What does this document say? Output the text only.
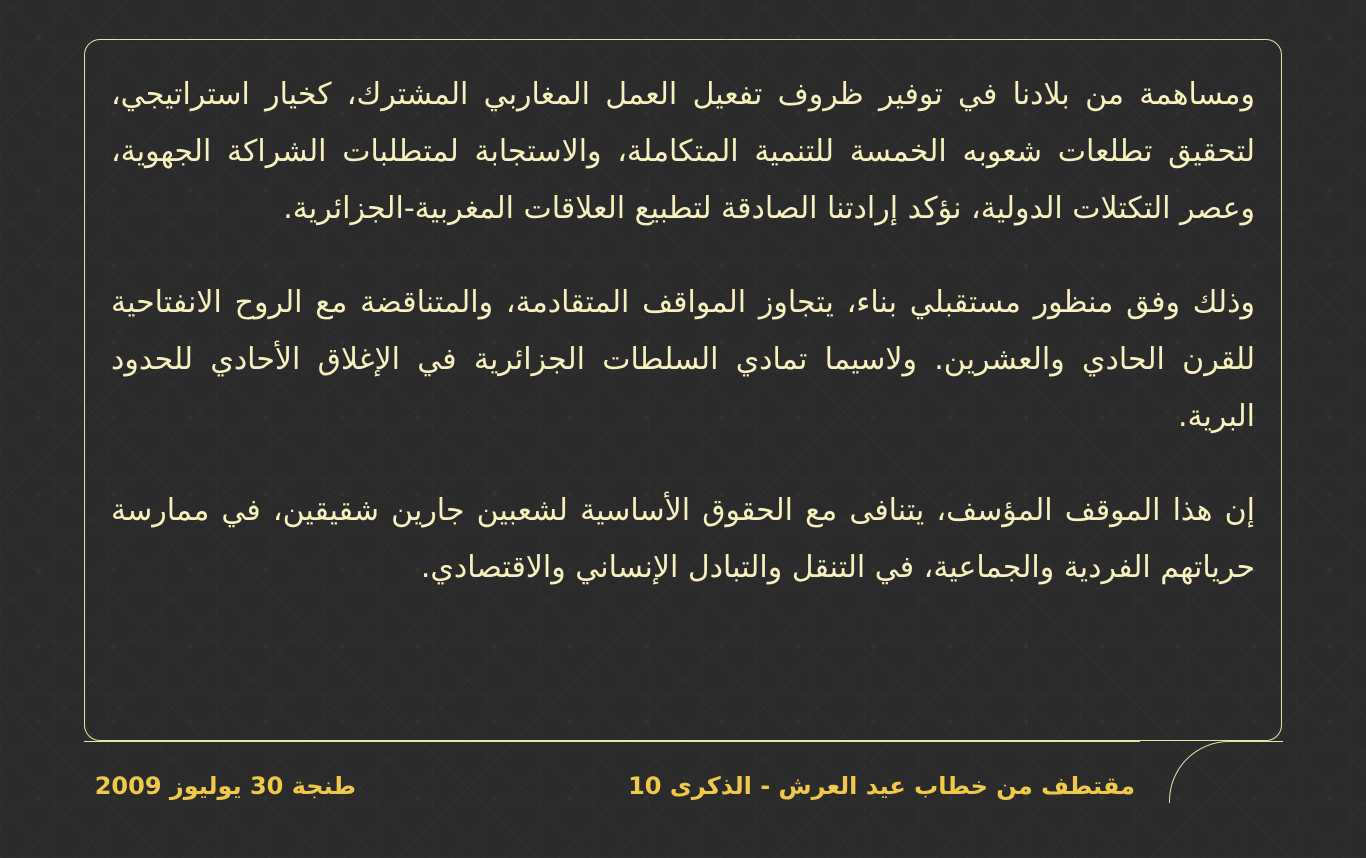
ومساهمة من بلادنا في توفير ظروف تفعيل العمل المغاربي المشترك، كخيار استراتيجي، لتحقيق تطلعات شعوبه الخمسة للتنمية المتكاملة، والاستجابة لمتطلبات الشراكة الجهوية، وعصر التكتلات الدولية، نؤكد إرادتنا الصادقة لتطبيع العلاقات المغربية-الجزائرية.

وذلك وفق منظور مستقبلي بناء، يتجاوز المواقف المتقادمة، والمتناقضة مع الروح الانفتاحية للقرن الحادي والعشرين. ولاسيما تمادي السلطات الجزائرية في الإغلاق الأحادي للحدود البرية.

إن هذا الموقف المؤسف، يتنافى مع الحقوق الأساسية لشعبين جارين شقيقين، في ممارسة حرياتهم الفردية والجماعية، في التنقل والتبادل الإنساني والاقتصادي.

مقتطف من خطاب عيد العرش - الذكرى 10
طنجة 30 يوليوز 2009
